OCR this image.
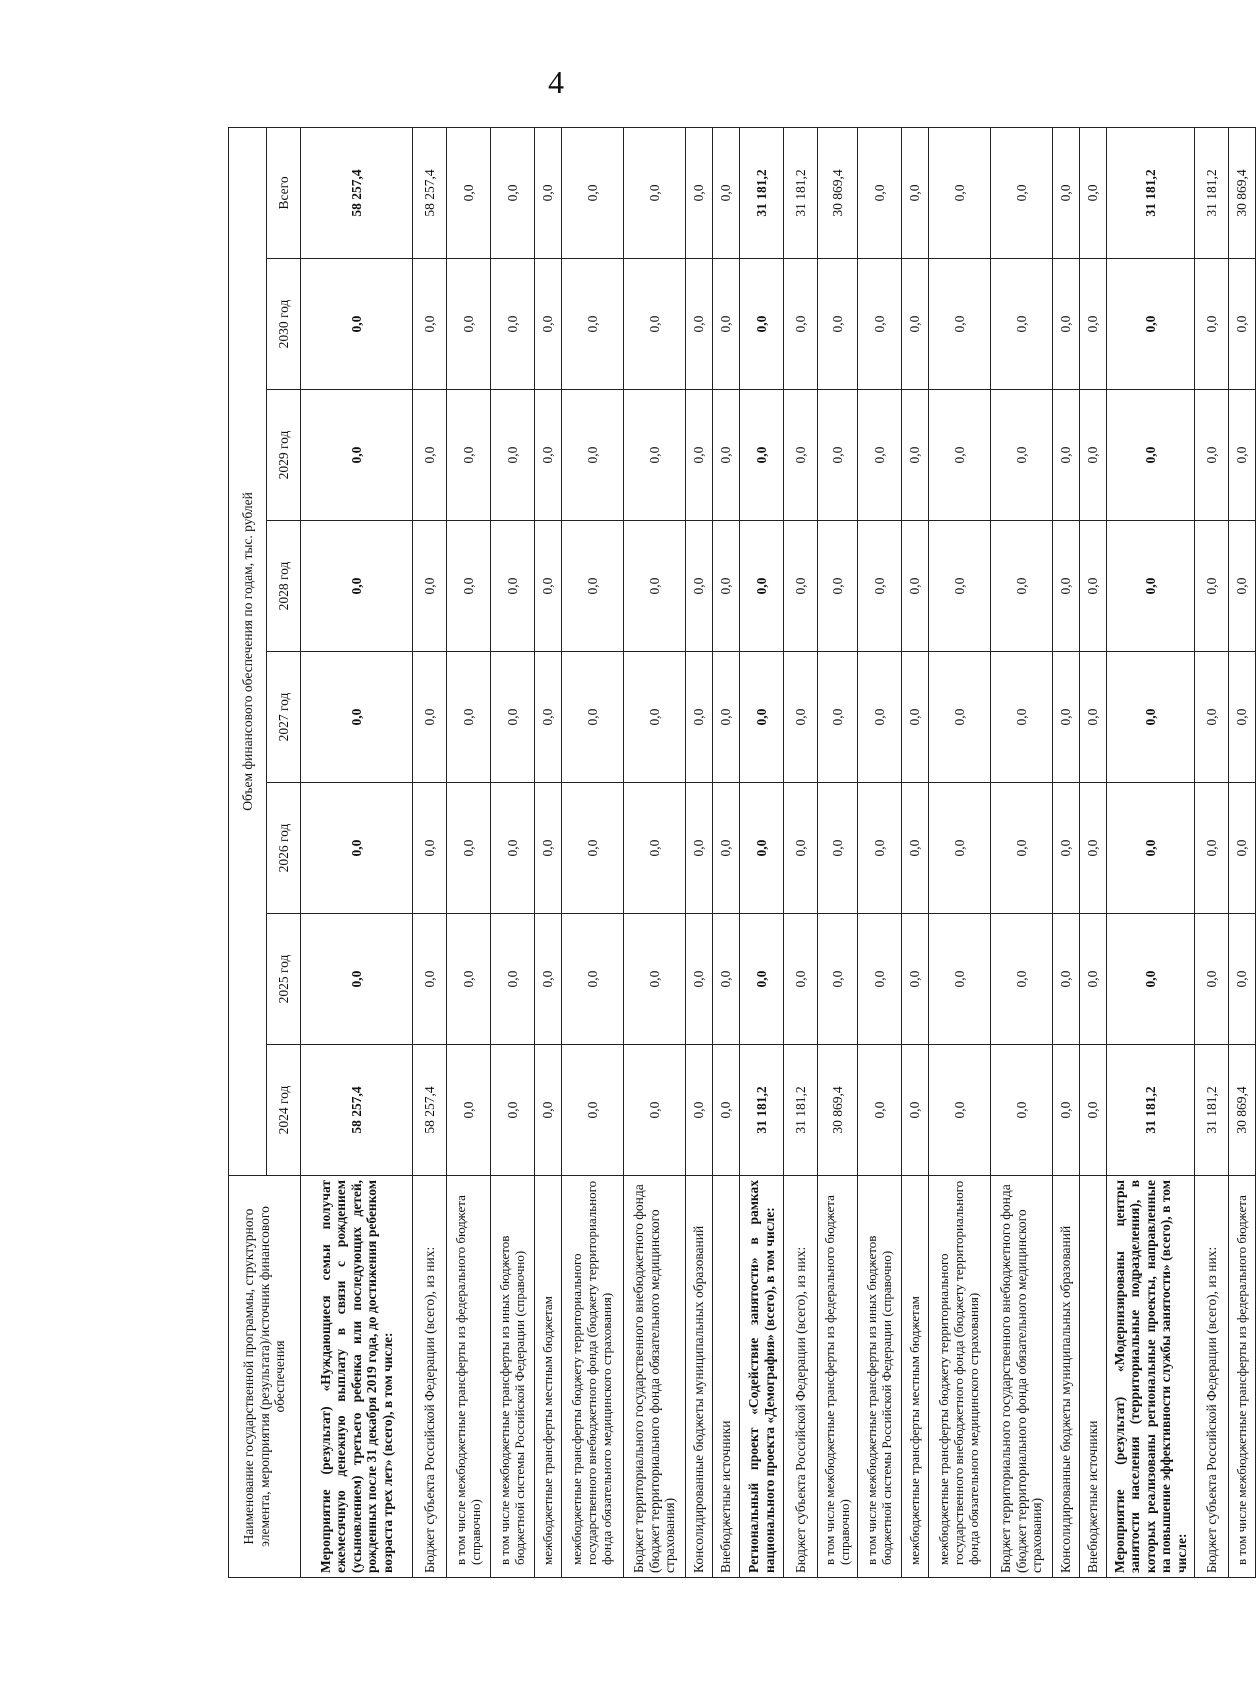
4
Наименование государственной программы, структурного элемента, мероприятия (результата)/источник финансового обеспечения	Объем финансового обеспечения по годам, тыс. рублей							
	2024 год	2025 год	2026 год	2027 год	2028 год	2029 год	2030 год	Всего
Мероприятие (результат) «Нуждающиеся семьи получат ежемесячную денежную выплату в связи с рождением (усыновлением) третьего ребенка или последующих детей, рожденных после 31 декабря 2019 года, до достижения ребенком возраста трех лет» (всего), в том числе:	58 257,4	0,0	0,0	0,0	0,0	0,0	0,0	58 257,4
Бюджет субъекта Российской Федерации (всего), из них:	58 257,4	0,0	0,0	0,0	0,0	0,0	0,0	58 257,4
в том числе межбюджетные трансферты из федерального бюджета (справочно)	0,0	0,0	0,0	0,0	0,0	0,0	0,0	0,0
в том числе межбюджетные трансферты из иных бюджетов бюджетной системы Российской Федерации (справочно)	0,0	0,0	0,0	0,0	0,0	0,0	0,0	0,0
межбюджетные трансферты местным бюджетам	0,0	0,0	0,0	0,0	0,0	0,0	0,0	0,0
межбюджетные трансферты бюджету территориального государственного внебюджетного фонда (бюджету территориального фонда обязательного медицинского страхования)	0,0	0,0	0,0	0,0	0,0	0,0	0,0	0,0
Бюджет территориального государственного внебюджетного фонда (бюджет территориального фонда обязательного медицинского страхования)	0,0	0,0	0,0	0,0	0,0	0,0	0,0	0,0
Консолидированные бюджеты муниципальных образований	0,0	0,0	0,0	0,0	0,0	0,0	0,0	0,0
Внебюджетные источники	0,0	0,0	0,0	0,0	0,0	0,0	0,0	0,0
Региональный проект «Содействие занятости» в рамках национального проекта «Демография» (всего), в том числе:	31 181,2	0,0	0,0	0,0	0,0	0,0	0,0	31 181,2
Бюджет субъекта Российской Федерации (всего), из них:	31 181,2	0,0	0,0	0,0	0,0	0,0	0,0	31 181,2
в том числе межбюджетные трансферты из федерального бюджета (справочно)	30 869,4	0,0	0,0	0,0	0,0	0,0	0,0	30 869,4
в том числе межбюджетные трансферты из иных бюджетов бюджетной системы Российской Федерации (справочно)	0,0	0,0	0,0	0,0	0,0	0,0	0,0	0,0
межбюджетные трансферты местным бюджетам	0,0	0,0	0,0	0,0	0,0	0,0	0,0	0,0
межбюджетные трансферты бюджету территориального государственного внебюджетного фонда (бюджету территориального фонда обязательного медицинского страхования)	0,0	0,0	0,0	0,0	0,0	0,0	0,0	0,0
Бюджет территориального государственного внебюджетного фонда (бюджет территориального фонда обязательного медицинского страхования)	0,0	0,0	0,0	0,0	0,0	0,0	0,0	0,0
Консолидированные бюджеты муниципальных образований	0,0	0,0	0,0	0,0	0,0	0,0	0,0	0,0
Внебюджетные источники	0,0	0,0	0,0	0,0	0,0	0,0	0,0	0,0
Мероприятие (результат) «Модернизированы центры занятости населения (территориальные подразделения), в которых реализованы региональные проекты, направленные на повышение эффективности службы занятости» (всего), в том числе:	31 181,2	0,0	0,0	0,0	0,0	0,0	0,0	31 181,2
Бюджет субъекта Российской Федерации (всего), из них:	31 181,2	0,0	0,0	0,0	0,0	0,0	0,0	31 181,2
в том числе межбюджетные трансферты из федерального бюджета	30 869,4	0,0	0,0	0,0	0,0	0,0	0,0	30 869,4
